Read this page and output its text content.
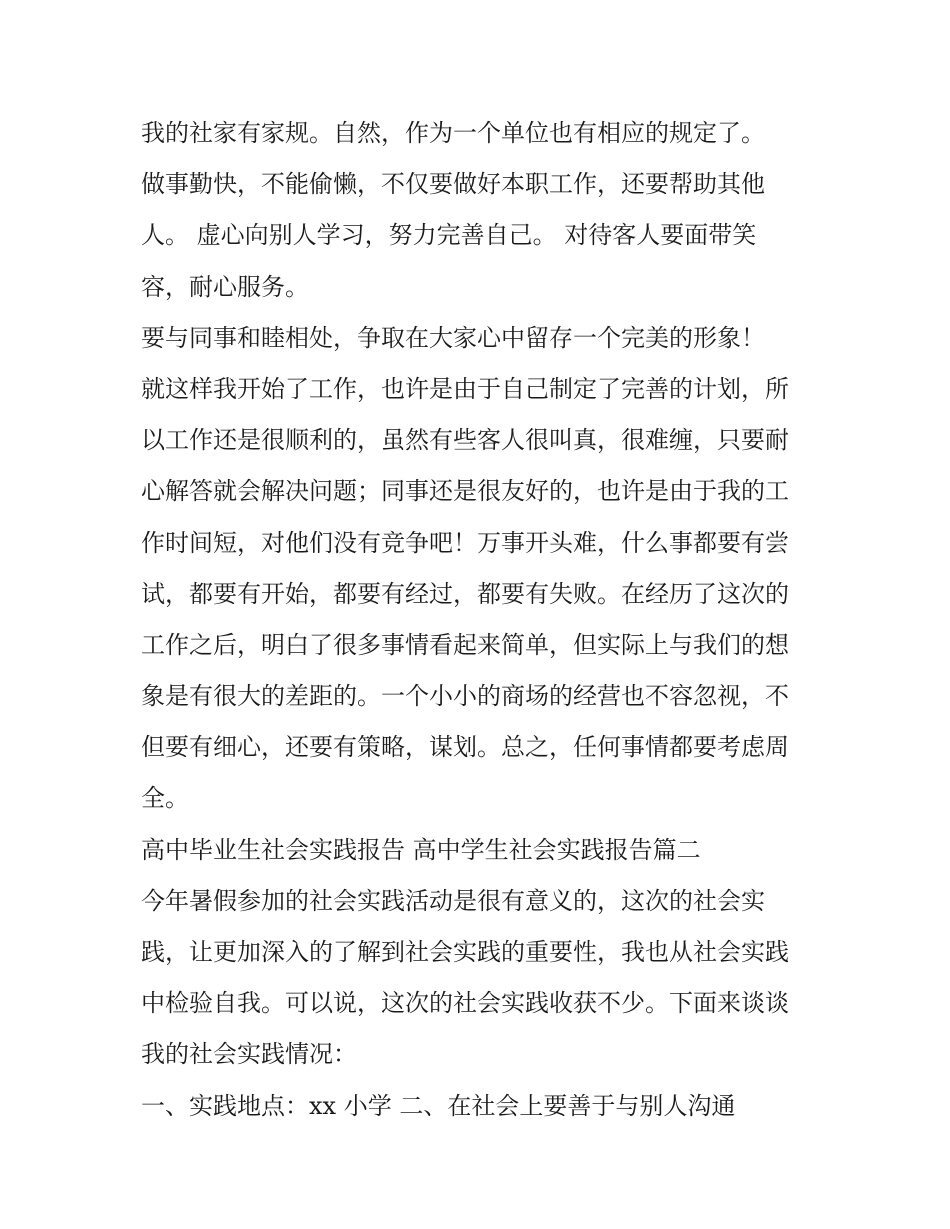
我的社家有家规。自然，作为一个单位也有相应的规定了。
做事勤快，不能偷懒，不仅要做好本职工作，还要帮助其他
人。 虚心向别人学习，努力完善自己。 对待客人要面带笑
容，耐心服务。
要与同事和睦相处，争取在大家心中留存一个完美的形象！
就这样我开始了工作，也许是由于自己制定了完善的计划，所
以工作还是很顺利的，虽然有些客人很叫真，很难缠，只要耐
心解答就会解决问题；同事还是很友好的，也许是由于我的工
作时间短，对他们没有竞争吧！万事开头难，什么事都要有尝
试，都要有开始，都要有经过，都要有失败。在经历了这次的
工作之后，明白了很多事情看起来简单，但实际上与我们的想
象是有很大的差距的。一个小小的商场的经营也不容忽视，不
但要有细心，还要有策略，谋划。总之，任何事情都要考虑周
全。
高中毕业生社会实践报告 高中学生社会实践报告篇二
今年暑假参加的社会实践活动是很有意义的，这次的社会实
践，让更加深入的了解到社会实践的重要性，我也从社会实践
中检验自我。可以说，这次的社会实践收获不少。下面来谈谈
我的社会实践情况：
一、实践地点：xx 小学 二、在社会上要善于与别人沟通
